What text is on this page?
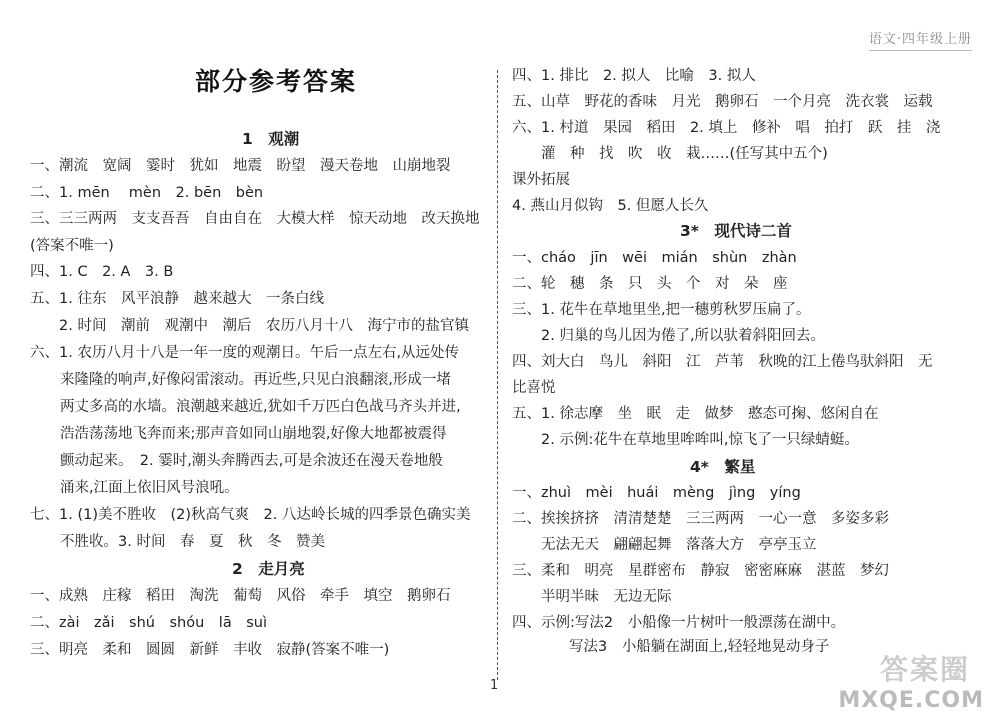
语文·四年级上册
部分参考答案
1　观潮
一、潮流　宽阔　霎时　犹如　地震　盼望　漫天卷地　山崩地裂
二、1. mēn　 mèn　2. bēn　bèn
三、三三两两　支支吾吾　自由自在　大模大样　惊天动地　改天换地
(答案不唯一)
四、1. C　2. A　3. B
五、1. 往东　风平浪静　越来越大　一条白线
　　2. 时间　潮前　观潮中　潮后　农历八月十八　海宁市的盐官镇
六、1. 农历八月十八是一年一度的观潮日。午后一点左右,从远处传
来隆隆的响声,好像闷雷滚动。再近些,只见白浪翻滚,形成一堵
两丈多高的水墙。浪潮越来越近,犹如千万匹白色战马齐头并进,
浩浩荡荡地飞奔而来;那声音如同山崩地裂,好像大地都被震得
颤动起来。　2. 霎时,潮头奔腾西去,可是余波还在漫天卷地般
涌来,江面上依旧风号浪吼。
七、1. (1)美不胜收　(2)秋高气爽　2. 八达岭长城的四季景色确实美
不胜收。3. 时间　春　夏　秋　冬　赞美
2　走月亮
一、成熟　庄稼　稻田　淘洗　葡萄　风俗　牵手　填空　鹅卵石
二、zài　zǎi　shú　shóu　lā　suì
三、明亮　柔和　圆圆　新鲜　丰收　寂静(答案不唯一)
四、1. 排比　2. 拟人　比喻　3. 拟人
五、山草　野花的香味　月光　鹅卵石　一个月亮　洗衣裳　运载
六、1. 村道　果园　稻田　2. 填上　修补　唱　拍打　跃　挂　浇
　　灌　种　找　吹　收　栽……(任写其中五个)
课外拓展
4. 燕山月似钩　5. 但愿人长久
3*　现代诗二首
一、cháo　jīn　wēi　mián　shùn　zhàn
二、轮　穗　条　只　头　个　对　朵　座
三、1. 花牛在草地里坐,把一穗剪秋罗压扁了。
　　2. 归巢的鸟儿因为倦了,所以驮着斜阳回去。
四、刘大白　鸟儿　斜阳　江　芦苇　秋晚的江上倦鸟驮斜阳　无
比喜悦
五、1. 徐志摩　坐　眠　走　做梦　憨态可掬、悠闲自在
　　2. 示例:花牛在草地里哞哞叫,惊飞了一只绿蜻蜓。
4*　繁星
一、zhuì　mèi　huái　mèng　jìng　yíng
二、挨挨挤挤　清清楚楚　三三两两　一心一意　多姿多彩
　　无法无天　翩翩起舞　落落大方　亭亭玉立
三、柔和　明亮　星群密布　静寂　密密麻麻　湛蓝　梦幻
　　半明半昧　无边无际
四、示例:写法2　小船像一片树叶一般漂荡在湖中。
　　写法3　小船躺在湖面上,轻轻地晃动身子
1	答案圈
MXQE.COM
